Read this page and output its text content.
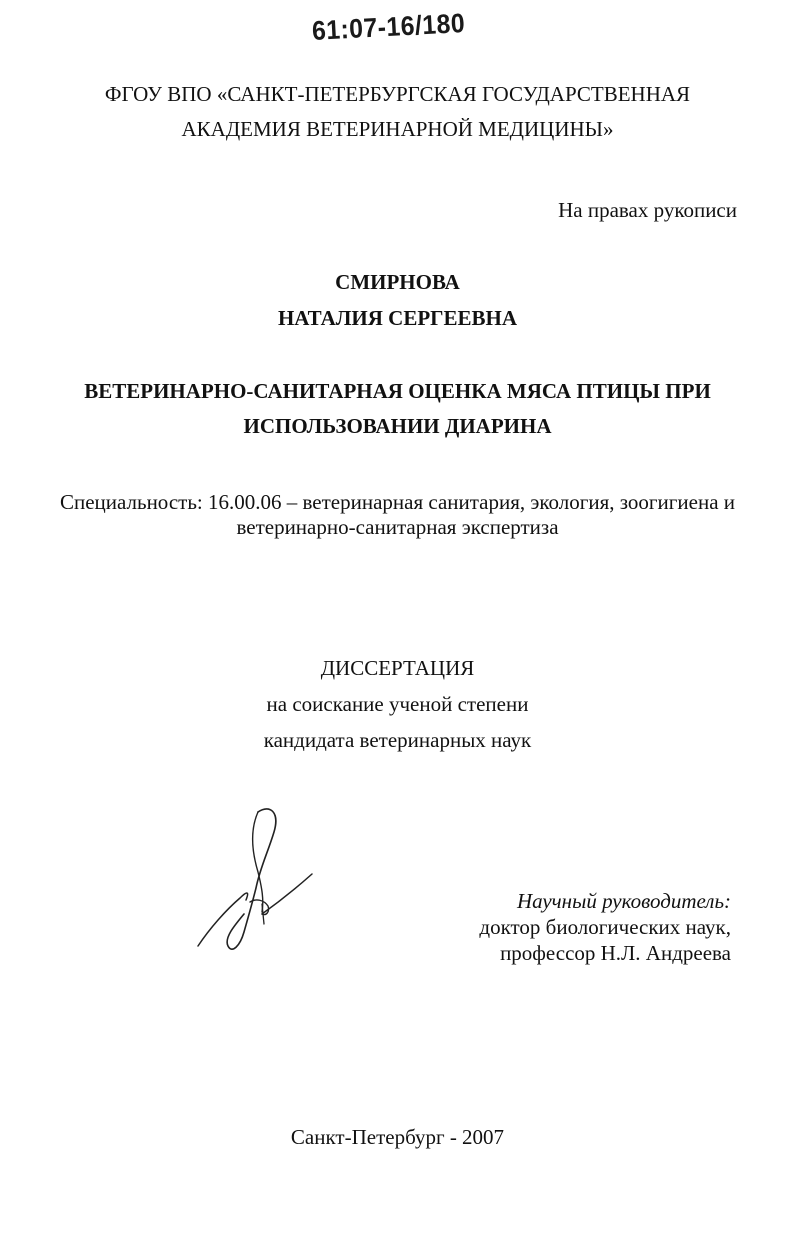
61:07-16/180
ФГОУ ВПО «САНКТ-ПЕТЕРБУРГСКАЯ ГОСУДАРСТВЕННАЯ
АКАДЕМИЯ ВЕТЕРИНАРНОЙ МЕДИЦИНЫ»
На правах рукописи
СМИРНОВА
НАТАЛИЯ СЕРГЕЕВНА
ВЕТЕРИНАРНО-САНИТАРНАЯ ОЦЕНКА МЯСА ПТИЦЫ ПРИ
ИСПОЛЬЗОВАНИИ ДИАРИНА
Специальность: 16.00.06 – ветеринарная санитария, экология, зоогигиена и
ветеринарно-санитарная экспертиза
ДИССЕРТАЦИЯ
на соискание ученой степени
кандидата ветеринарных наук
Научный руководитель:
доктор биологических наук,
профессор Н.Л. Андреева
Санкт-Петербург - 2007
